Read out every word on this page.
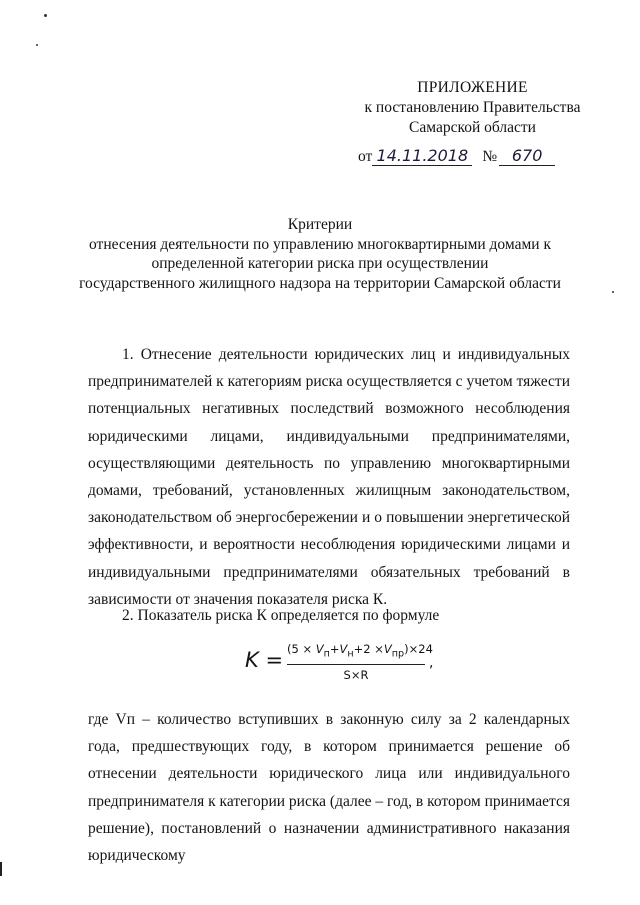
ПРИЛОЖЕНИЕ
к постановлению Правительства
Самарской области
от 14.11.2018 № 670
Критерии
отнесения деятельности по управлению многоквартирными домами к
определенной категории риска при осуществлении
государственного жилищного надзора на территории Самарской области
1. Отнесение деятельности юридических лиц и индивидуальных предпринимателей к категориям риска осуществляется с учетом тяжести потенциальных негативных последствий возможного несоблюдения юридическими лицами, индивидуальными предпринимателями, осуществляющими деятельность по управлению многоквартирными домами, требований, установленных жилищным законодательством, законодательством об энергосбережении и о повышении энергетической эффективности, и вероятности несоблюдения юридическими лицами и индивидуальными предпринимателями обязательных требований в зависимости от значения показателя риска К.
2. Показатель риска К определяется по формуле
$K = (5 \times V_п+V_н+2 \times V_{пр})\times 24$
S×R
,
где Vп – количество вступивших в законную силу за 2 календарных года, предшествующих году, в котором принимается решение об отнесении деятельности юридического лица или индивидуального предпринимателя к категории риска (далее – год, в котором принимается решение), постановлений о назначении административного наказания юридическому
